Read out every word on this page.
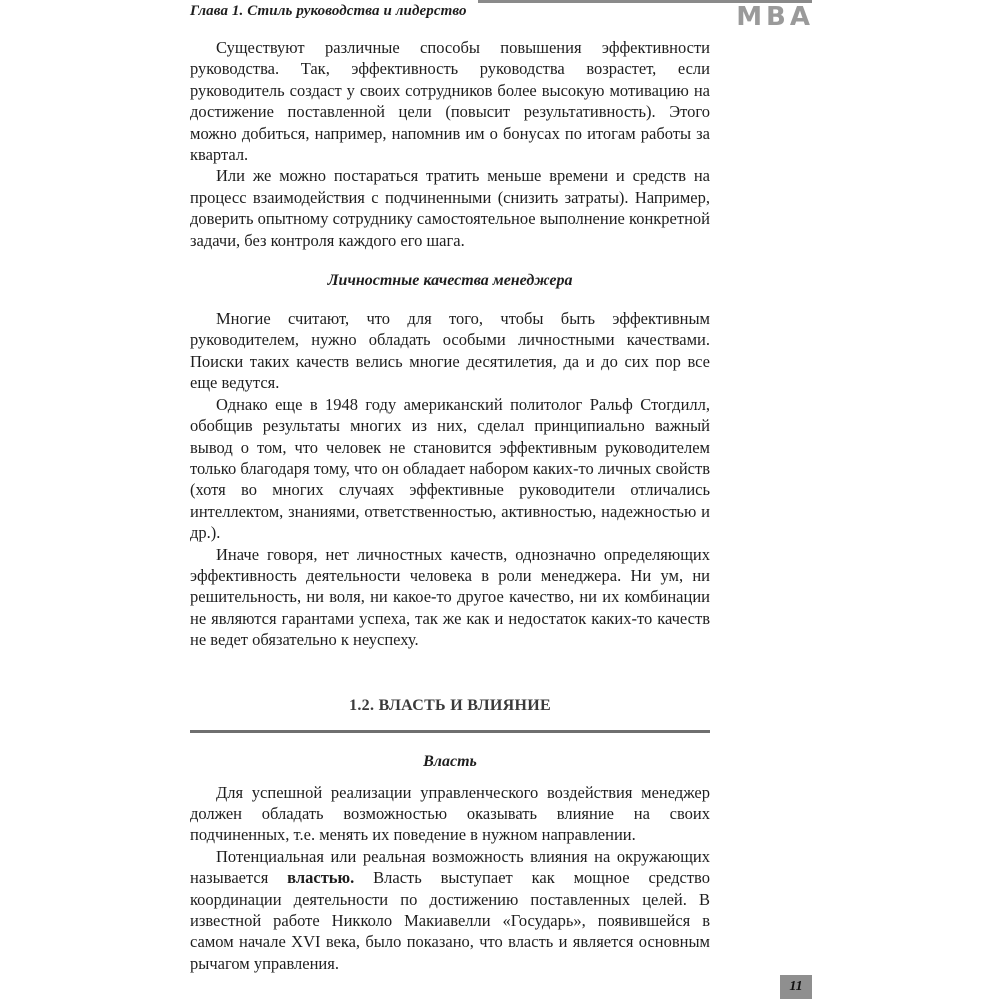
Глава 1. Стиль руководства и лидерство	МВА

Существуют различные способы повышения эффективности руководства. Так, эффективность руководства возрастет, если руководитель создаст у своих сотрудников более высокую мотивацию на достижение поставленной цели (повысит результативность). Этого можно добиться, например, напомнив им о бонусах по итогам работы за квартал.

Или же можно постараться тратить меньше времени и средств на процесс взаимодействия с подчиненными (снизить затраты). Например, доверить опытному сотруднику самостоятельное выполнение конкретной задачи, без контроля каждого его шага.

Личностные качества менеджера

Многие считают, что для того, чтобы быть эффективным руководителем, нужно обладать особыми личностными качествами. Поиски таких качеств велись многие десятилетия, да и до сих пор все еще ведутся.

Однако еще в 1948 году американский политолог Ральф Стогдилл, обобщив результаты многих из них, сделал принципиально важный вывод о том, что человек не становится эффективным руководителем только благодаря тому, что он обладает набором каких-то личных свойств (хотя во многих случаях эффективные руководители отличались интеллектом, знаниями, ответственностью, активностью, надежностью и др.).

Иначе говоря, нет личностных качеств, однозначно определяющих эффективность деятельности человека в роли менеджера. Ни ум, ни решительность, ни воля, ни какое-то другое качество, ни их комбинации не являются гарантами успеха, так же как и недостаток каких-то качеств не ведет обязательно к неуспеху.

1.2. ВЛАСТЬ И ВЛИЯНИЕ
Власть

Для успешной реализации управленческого воздействия менеджер должен обладать возможностью оказывать влияние на своих подчиненных, т.е. менять их поведение в нужном направлении.

Потенциальная или реальная возможность влияния на окружающих называется властью. Власть выступает как мощное средство координации деятельности по достижению поставленных целей. В известной работе Никколо Макиавелли «Государь», появившейся в самом начале XVI века, было показано, что власть и является основным рычагом управления.

11
